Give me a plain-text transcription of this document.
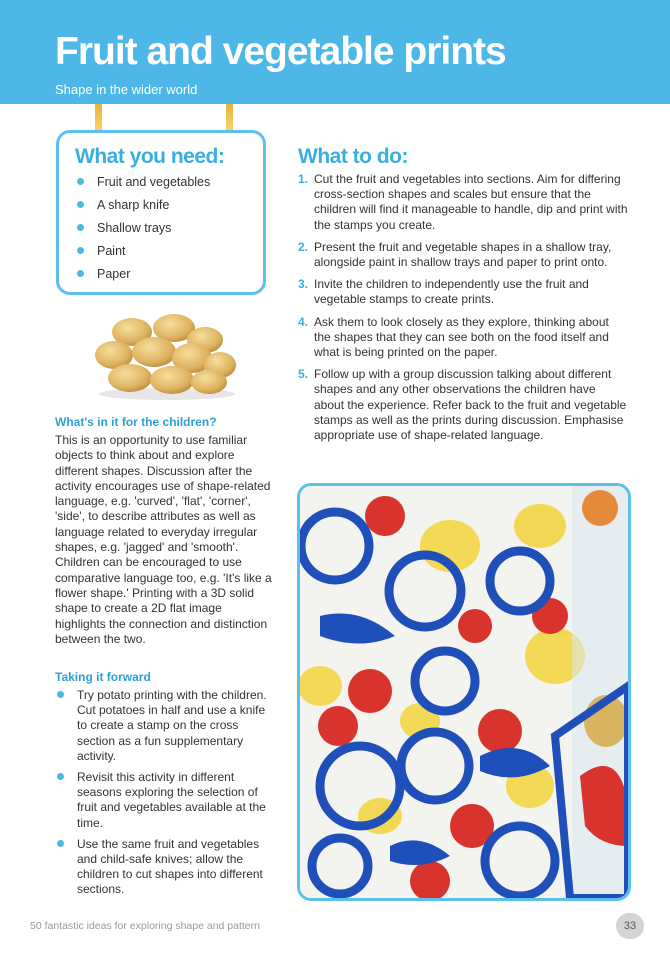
Fruit and vegetable prints
Shape in the wider world
What you need:
Fruit and vegetables
A sharp knife
Shallow trays
Paint
Paper
What's in it for the children?

This is an opportunity to use familiar objects to think about and explore different shapes. Discussion after the activity encourages use of shape-related language, e.g. 'curved', 'flat', 'corner', 'side', to describe attributes as well as language related to everyday irregular shapes, e.g. 'jagged' and 'smooth'. Children can be encouraged to use comparative language too, e.g. 'It's like a flower shape.' Printing with a 3D solid shape to create a 2D flat image highlights the connection and distinction between the two.

Taking it forward
Try potato printing with the children. Cut potatoes in half and use a knife to create a stamp on the cross section as a fun supplementary activity.
Revisit this activity in different seasons exploring the selection of fruit and vegetables available at the time.
Use the same fruit and vegetables and child-safe knives; allow the children to cut shapes into different sections.
What to do:
1. Cut the fruit and vegetables into sections. Aim for differing cross-section shapes and scales but ensure that the children will find it manageable to handle, dip and print with the stamps you create.
2. Present the fruit and vegetable shapes in a shallow tray, alongside paint in shallow trays and paper to print onto.
3. Invite the children to independently use the fruit and vegetable stamps to create prints.
4. Ask them to look closely as they explore, thinking about the shapes that they can see both on the food itself and what is being printed on the paper.
5. Follow up with a group discussion talking about different shapes and any other observations the children have about the experience. Refer back to the fruit and vegetable stamps as well as the prints during discussion. Emphasise appropriate use of shape-related language.
50 fantastic ideas for exploring shape and pattern	33
